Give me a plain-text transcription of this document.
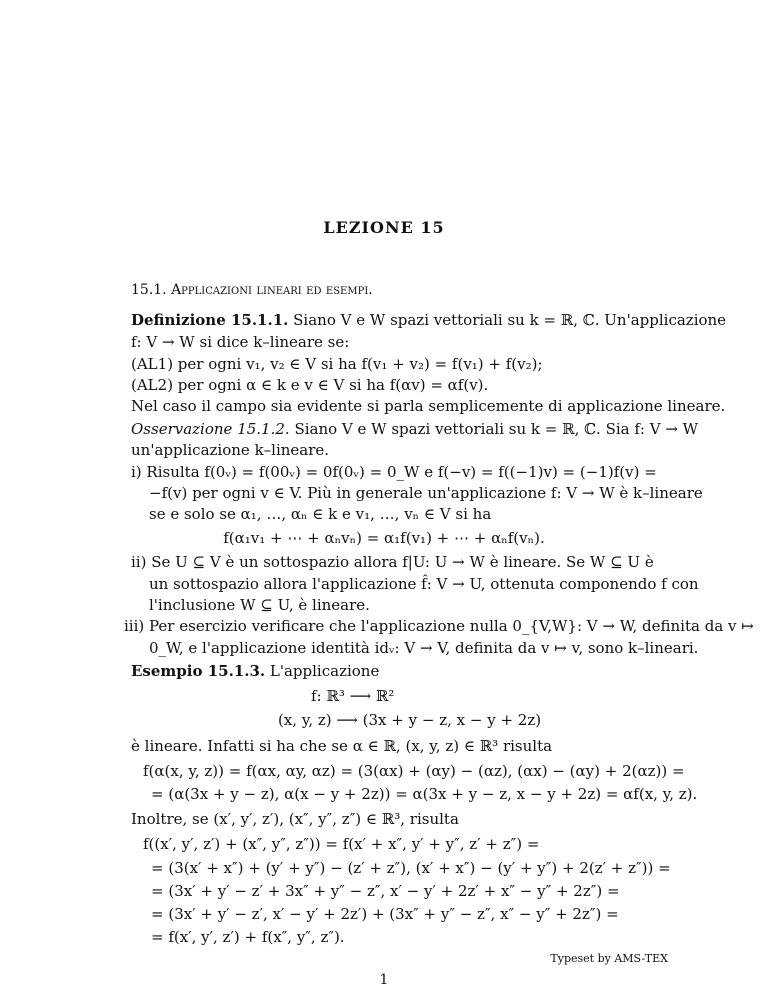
LEZIONE 15
15.1. Applicazioni lineari ed esempi.
Definizione 15.1.1. Siano V e W spazi vettoriali su k = ℝ, ℂ. Un'applicazione
f: V → W si dice k–lineare se:
(AL1) per ogni v₁, v₂ ∈ V si ha f(v₁ + v₂) = f(v₁) + f(v₂);
(AL2) per ogni α ∈ k e v ∈ V si ha f(αv) = αf(v).
Nel caso il campo sia evidente si parla semplicemente di applicazione lineare.
Osservazione 15.1.2. Siano V e W spazi vettoriali su k = ℝ, ℂ. Sia f: V → W
un'applicazione k–lineare.
i) Risulta f(0ᵥ) = f(00ᵥ) = 0f(0ᵥ) = 0_W e f(−v) = f((−1)v) = (−1)f(v) =
−f(v) per ogni v ∈ V. Più in generale un'applicazione f: V → W è k–lineare
se e solo se α₁, …, αₙ ∈ k e v₁, …, vₙ ∈ V si ha
f(α₁v₁ + ⋯ + αₙvₙ) = α₁f(v₁) + ⋯ + αₙf(vₙ).
ii) Se U ⊆ V è un sottospazio allora f|U: U → W è lineare. Se W ⊆ U è
un sottospazio allora l'applicazione f̂: V → U, ottenuta componendo f con
l'inclusione W ⊆ U, è lineare.
iii) Per esercizio verificare che l'applicazione nulla 0_{V,W}: V → W, definita da v ↦
0_W, e l'applicazione identità idᵥ: V → V, definita da v ↦ v, sono k–lineari.
Esempio 15.1.3. L'applicazione
f: ℝ³ ⟶ ℝ²
(x, y, z) ⟶ (3x + y − z, x − y + 2z)
è lineare. Infatti si ha che se α ∈ ℝ, (x, y, z) ∈ ℝ³ risulta
f(α(x, y, z)) = f(αx, αy, αz) = (3(αx) + (αy) − (αz), (αx) − (αy) + 2(αz)) =
= (α(3x + y − z), α(x − y + 2z)) = α(3x + y − z, x − y + 2z) = αf(x, y, z).
Inoltre, se (x′, y′, z′), (x″, y″, z″) ∈ ℝ³, risulta
f((x′, y′, z′) + (x″, y″, z″)) = f(x′ + x″, y′ + y″, z′ + z″) =
= (3(x′ + x″) + (y′ + y″) − (z′ + z″), (x′ + x″) − (y′ + y″) + 2(z′ + z″)) =
= (3x′ + y′ − z′ + 3x″ + y″ − z″, x′ − y′ + 2z′ + x″ − y″ + 2z″) =
= (3x′ + y′ − z′, x′ − y′ + 2z′) + (3x″ + y″ − z″, x″ − y″ + 2z″) =
= f(x′, y′, z′) + f(x″, y″, z″).
Typeset by AMS-TEX
1
